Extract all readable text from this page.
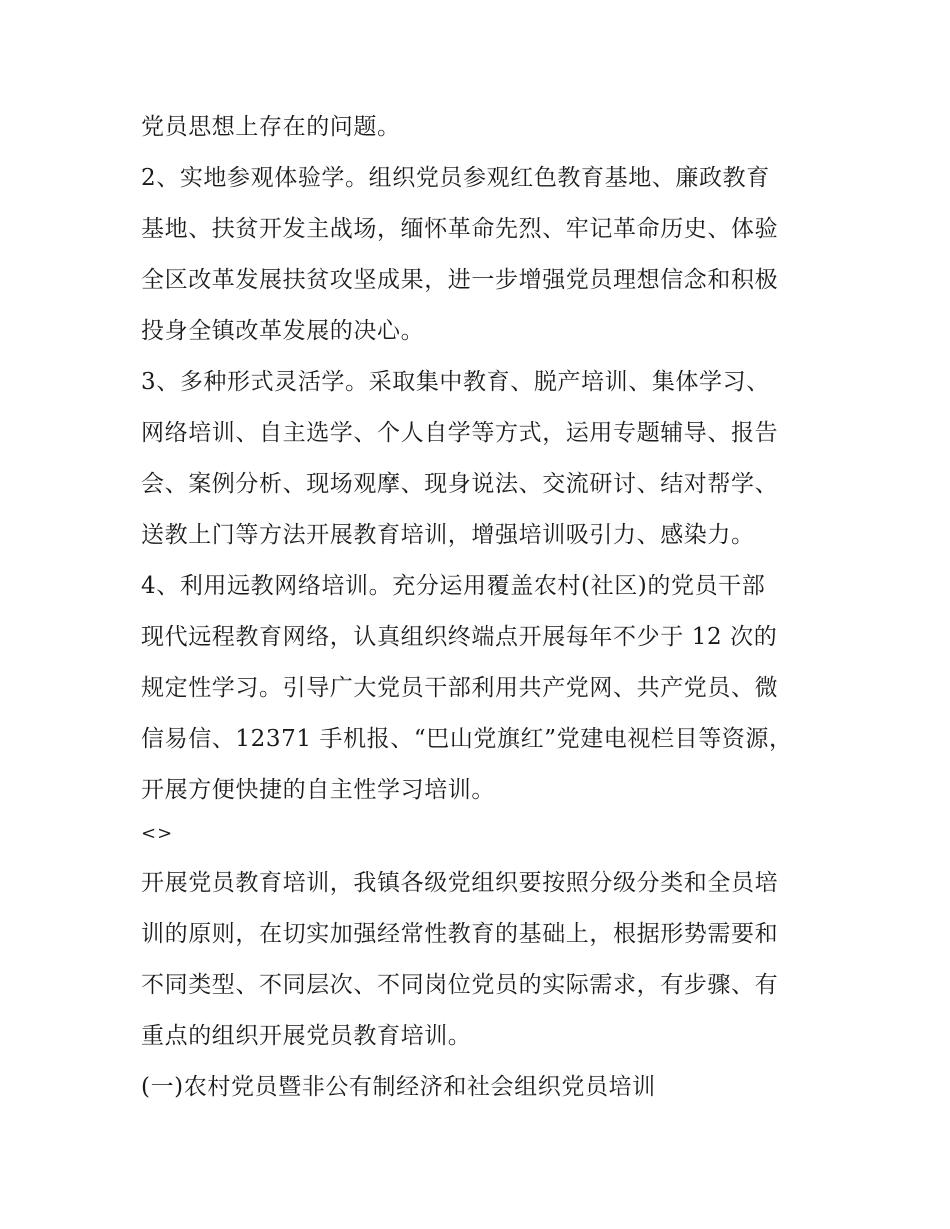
党员思想上存在的问题。

2、实地参观体验学。组织党员参观红色教育基地、廉政教育

基地、扶贫开发主战场，缅怀革命先烈、牢记革命历史、体验

全区改革发展扶贫攻坚成果，进一步增强党员理想信念和积极

投身全镇改革发展的决心。

3、多种形式灵活学。采取集中教育、脱产培训、集体学习、

网络培训、自主选学、个人自学等方式，运用专题辅导、报告

会、案例分析、现场观摩、现身说法、交流研讨、结对帮学、

送教上门等方法开展教育培训，增强培训吸引力、感染力。

4、利用远教网络培训。充分运用覆盖农村(社区)的党员干部

现代远程教育网络，认真组织终端点开展每年不少于 12 次的

规定性学习。引导广大党员干部利用共产党网、共产党员、微

信易信、12371 手机报、“巴山党旗红”党建电视栏目等资源，

开展方便快捷的自主性学习培训。

<>

开展党员教育培训，我镇各级党组织要按照分级分类和全员培

训的原则，在切实加强经常性教育的基础上，根据形势需要和

不同类型、不同层次、不同岗位党员的实际需求，有步骤、有

重点的组织开展党员教育培训。

(一)农村党员暨非公有制经济和社会组织党员培训
